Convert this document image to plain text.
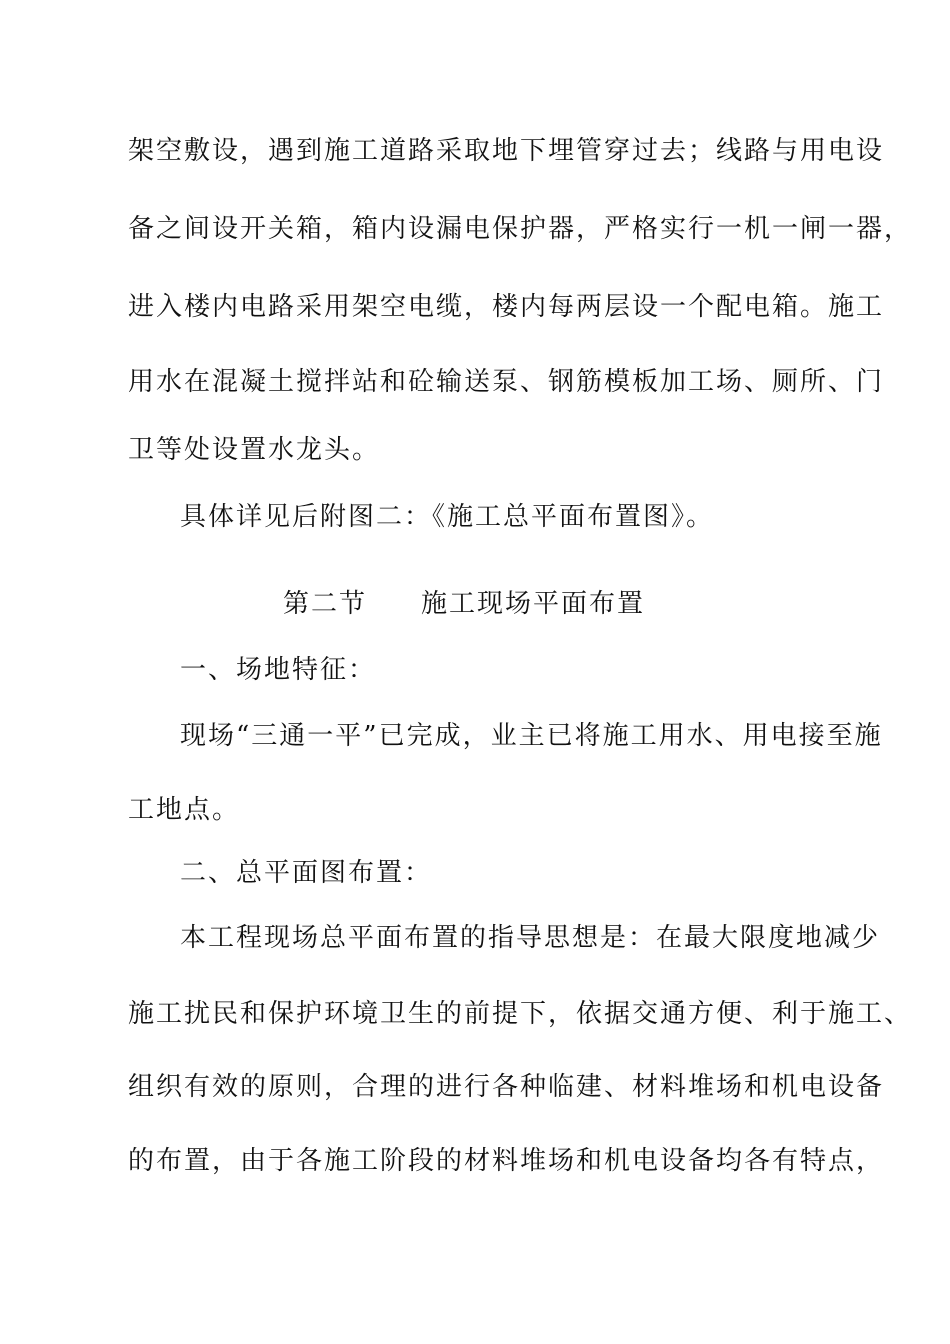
架空敷设，遇到施工道路采取地下埋管穿过去；线路与用电设
备之间设开关箱，箱内设漏电保护器，严格实行一机一闸一器，
进入楼内电路采用架空电缆，楼内每两层设一个配电箱。施工
用水在混凝土搅拌站和砼输送泵、钢筋模板加工场、厕所、门
卫等处设置水龙头。
具体详见后附图二：《施工总平面布置图》。
第二节 施工现场平面布置
一、场地特征：
现场“三通一平”已完成，业主已将施工用水、用电接至施
工地点。
二、总平面图布置：
本工程现场总平面布置的指导思想是：在最大限度地减少
施工扰民和保护环境卫生的前提下，依据交通方便、利于施工、
组织有效的原则，合理的进行各种临建、材料堆场和机电设备
的布置，由于各施工阶段的材料堆场和机电设备均各有特点，
